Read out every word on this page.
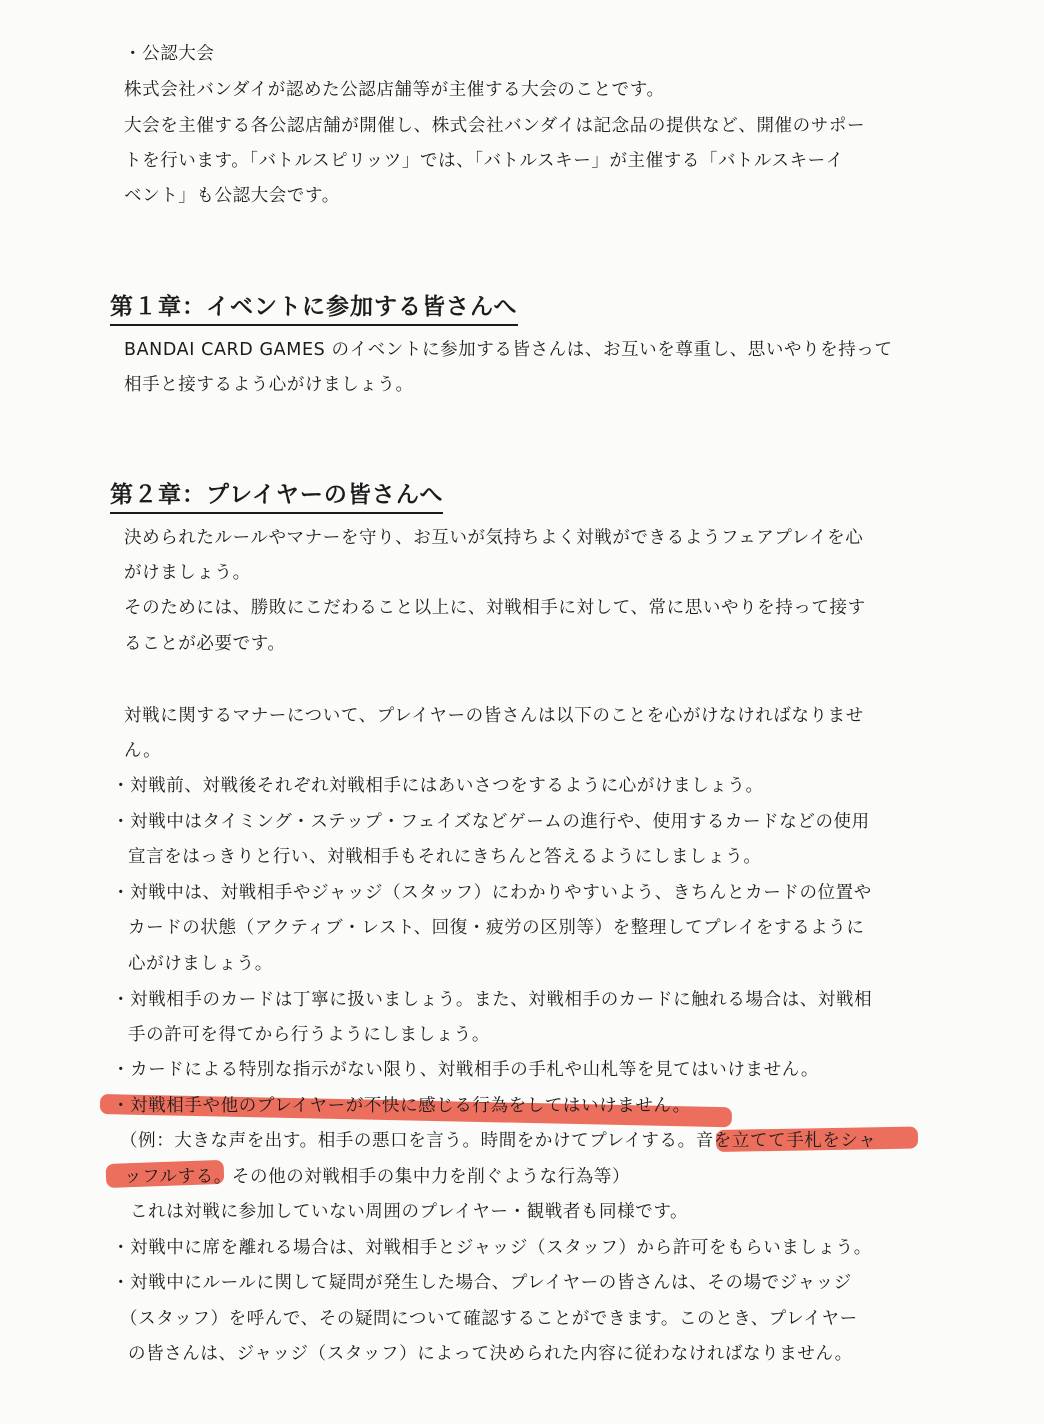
・公認大会
株式会社バンダイが認めた公認店舗等が主催する大会のことです。
大会を主催する各公認店舗が開催し、株式会社バンダイは記念品の提供など、開催のサポー
トを行います。「バトルスピリッツ」では、「バトルスキー」が主催する「バトルスキーイ
ベント」も公認大会です。
第１章：イベントに参加する皆さんへ
BANDAI CARD GAMES のイベントに参加する皆さんは、お互いを尊重し、思いやりを持って
相手と接するよう心がけましょう。
第２章：プレイヤーの皆さんへ
決められたルールやマナーを守り、お互いが気持ちよく対戦ができるようフェアプレイを心
がけましょう。
そのためには、勝敗にこだわること以上に、対戦相手に対して、常に思いやりを持って接す
ることが必要です。
対戦に関するマナーについて、プレイヤーの皆さんは以下のことを心がけなければなりませ
ん。
・対戦前、対戦後それぞれ対戦相手にはあいさつをするように心がけましょう。
・対戦中はタイミング・ステップ・フェイズなどゲームの進行や、使用するカードなどの使用
宣言をはっきりと行い、対戦相手もそれにきちんと答えるようにしましょう。
・対戦中は、対戦相手やジャッジ（スタッフ）にわかりやすいよう、きちんとカードの位置や
カードの状態（アクティブ・レスト、回復・疲労の区別等）を整理してプレイをするように
心がけましょう。
・対戦相手のカードは丁寧に扱いましょう。また、対戦相手のカードに触れる場合は、対戦相
手の許可を得てから行うようにしましょう。
・カードによる特別な指示がない限り、対戦相手の手札や山札等を見てはいけません。
・対戦相手や他のプレイヤーが不快に感じる行為をしてはいけません。
（例：大きな声を出す。相手の悪口を言う。時間をかけてプレイする。音を立てて手札をシャ
ッフルする。その他の対戦相手の集中力を削ぐような行為等）
これは対戦に参加していない周囲のプレイヤー・観戦者も同様です。
・対戦中に席を離れる場合は、対戦相手とジャッジ（スタッフ）から許可をもらいましょう。
・対戦中にルールに関して疑問が発生した場合、プレイヤーの皆さんは、その場でジャッジ
（スタッフ）を呼んで、その疑問について確認することができます。このとき、プレイヤー
の皆さんは、ジャッジ（スタッフ）によって決められた内容に従わなければなりません。
